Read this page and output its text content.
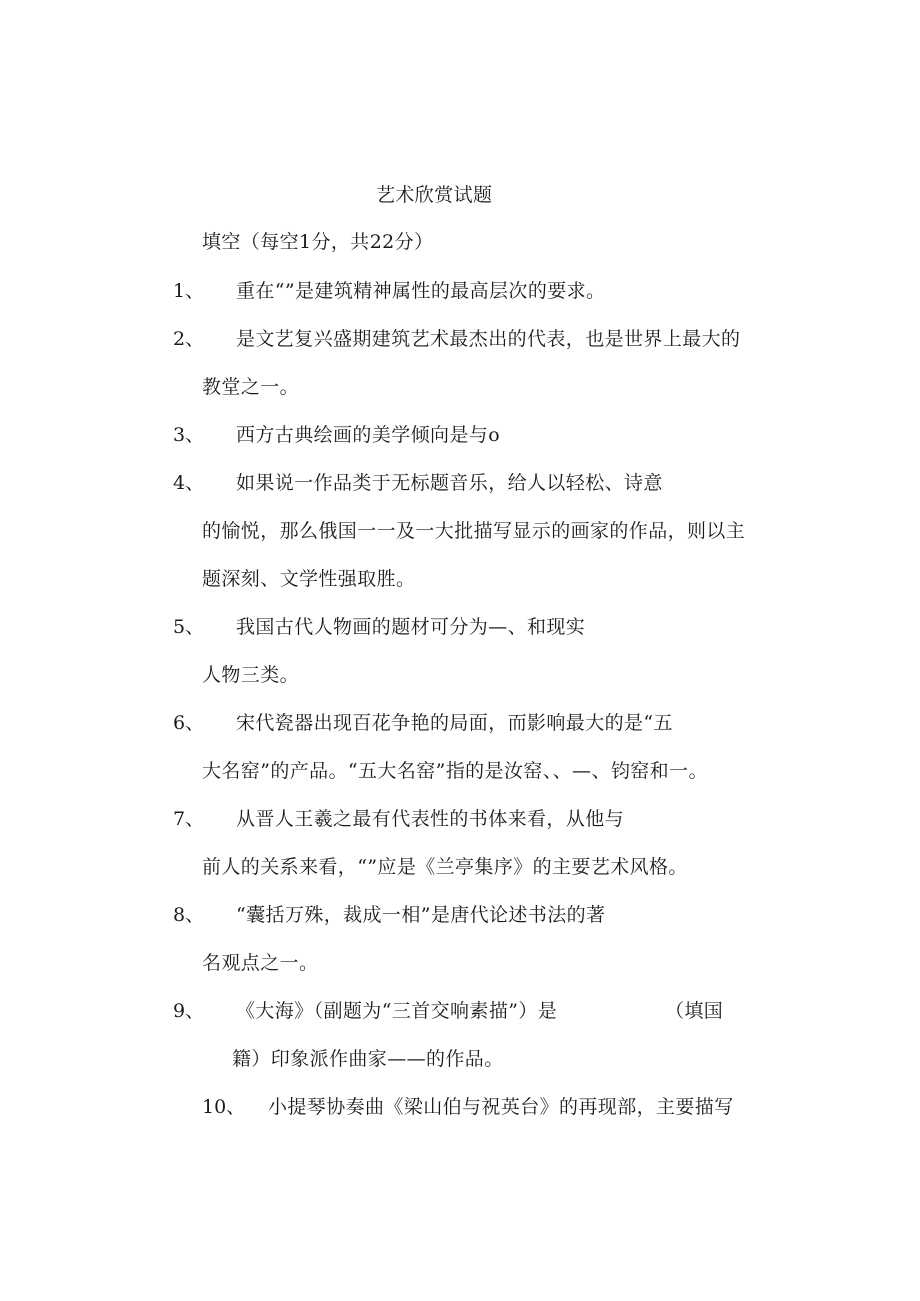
艺术欣赏试题
填空（每空1分，共22分）
1、 重在“”是建筑精神属性的最高层次的要求。
2、 是文艺复兴盛期建筑艺术最杰出的代表，也是世界上最大的
教堂之一。
3、 西方古典绘画的美学倾向是与o
4、 如果说一作品类于无标题音乐，给人以轻松、诗意
的愉悦，那么俄国一一及一大批描写显示的画家的作品，则以主
题深刻、文学性强取胜。
5、 我国古代人物画的题材可分为—、和现实
人物三类。
6、 宋代瓷器出现百花争艳的局面，而影响最大的是“五
大名窑”的产品。“五大名窑”指的是汝窑、、—、钧窑和一。
7、 从晋人王羲之最有代表性的书体来看，从他与
前人的关系来看，“”应是《兰亭集序》的主要艺术风格。
8、 “囊括万殊，裁成一相”是唐代论述书法的著
名观点之一。
9、 《大海》（副题为“三首交响素描”）是	（填国
籍）印象派作曲家——的作品。
10、 小提琴协奏曲《梁山伯与祝英台》的再现部，主要描写
